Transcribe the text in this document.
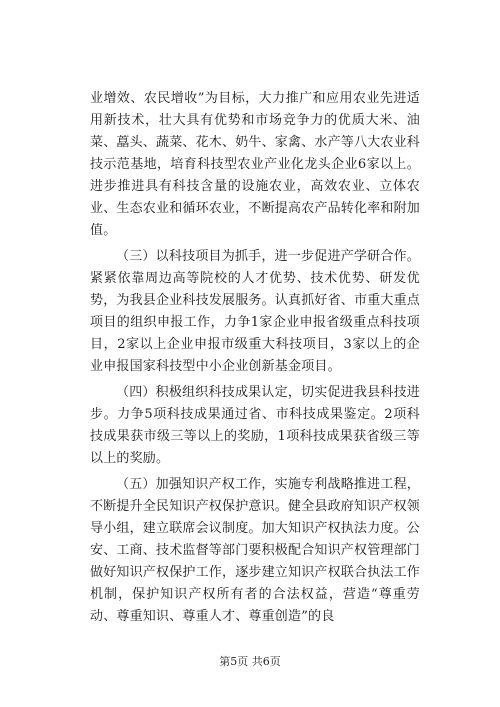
业增效、农民增收”为目标，大力推广和应用农业先进适用新技术，壮大具有优势和市场竞争力的优质大米、油菜、藠头、蔬菜、花木、奶牛、家禽、水产等八大农业科技示范基地，培育科技型农业产业化龙头企业6家以上。进步推进具有科技含量的设施农业，高效农业、立体农业、生态农业和循环农业，不断提高农产品转化率和附加值。

（三）以科技项目为抓手，进一步促进产学研合作。紧紧依靠周边高等院校的人才优势、技术优势、研发优势，为我县企业科技发展服务。认真抓好省、市重大重点项目的组织申报工作，力争1家企业申报省级重点科技项目，2家以上企业申报市级重大科技项目，3家以上的企业申报国家科技型中小企业创新基金项目。

（四）积极组织科技成果认定，切实促进我县科技进步。力争5项科技成果通过省、市科技成果鉴定。2项科技成果获市级三等以上的奖励，1项科技成果获省级三等以上的奖励。

（五）加强知识产权工作，实施专利战略推进工程，不断提升全民知识产权保护意识。健全县政府知识产权领导小组，建立联席会议制度。加大知识产权执法力度。公安、工商、技术监督等部门要积极配合知识产权管理部门做好知识产权保护工作，逐步建立知识产权联合执法工作机制，保护知识产权所有者的合法权益，营造“尊重劳动、尊重知识、尊重人才、尊重创造”的良

第5页 共6页
